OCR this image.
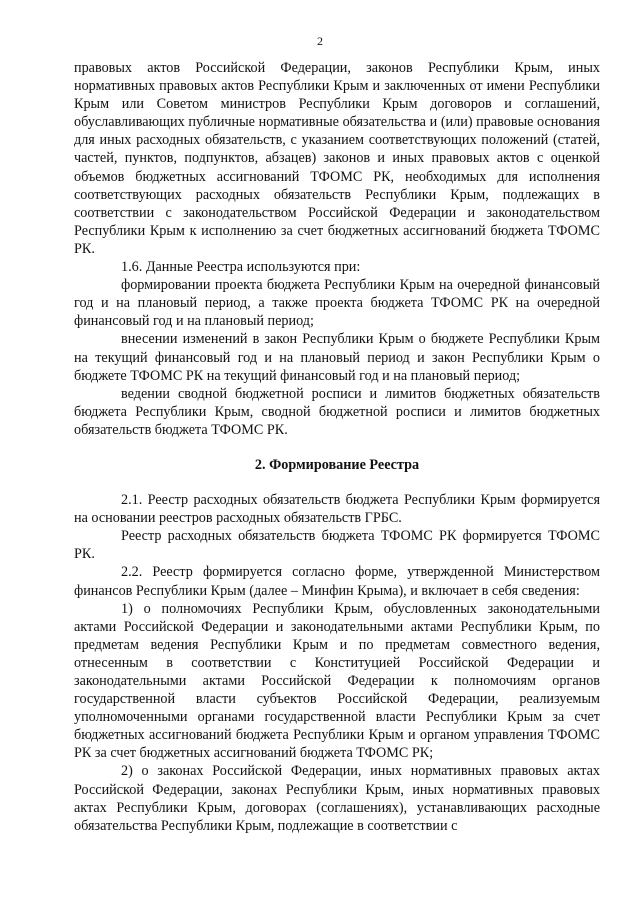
2

правовых актов Российской Федерации, законов Республики Крым, иных нормативных правовых актов Республики Крым и заключенных от имени Республики Крым или Советом министров Республики Крым договоров и соглашений, обуславливающих публичные нормативные обязательства и (или) правовые основания для иных расходных обязательств, с указанием соответствующих положений (статей, частей, пунктов, подпунктов, абзацев) законов и иных правовых актов с оценкой объемов бюджетных ассигнований ТФОМС РК, необходимых для исполнения соответствующих расходных обязательств Республики Крым, подлежащих в соответствии с законодательством Российской Федерации и законодательством Республики Крым к исполнению за счет бюджетных ассигнований бюджета ТФОМС РК.

1.6. Данные Реестра используются при:

формировании проекта бюджета Республики Крым на очередной финансовый год и на плановый период, а также проекта бюджета ТФОМС РК на очередной финансовый год и на плановый период;

внесении изменений в закон Республики Крым о бюджете Республики Крым на текущий финансовый год и на плановый период и закон Республики Крым о бюджете ТФОМС РК на текущий финансовый год и на плановый период;

ведении сводной бюджетной росписи и лимитов бюджетных обязательств бюджета Республики Крым, сводной бюджетной росписи и лимитов бюджетных обязательств бюджета ТФОМС РК.

2. Формирование Реестра

2.1. Реестр расходных обязательств бюджета Республики Крым формируется на основании реестров расходных обязательств ГРБС.

Реестр расходных обязательств бюджета ТФОМС РК формируется ТФОМС РК.

2.2. Реестр формируется согласно форме, утвержденной Министерством финансов Республики Крым (далее – Минфин Крыма), и включает в себя сведения:

1) о полномочиях Республики Крым, обусловленных законодательными актами Российской Федерации и законодательными актами Республики Крым, по предметам ведения Республики Крым и по предметам совместного ведения, отнесенным в соответствии с Конституцией Российской Федерации и законодательными актами Российской Федерации к полномочиям органов государственной власти субъектов Российской Федерации, реализуемым уполномоченными органами государственной власти Республики Крым за счет бюджетных ассигнований бюджета Республики Крым и органом управления ТФОМС РК за счет бюджетных ассигнований бюджета ТФОМС РК;

2) о законах Российской Федерации, иных нормативных правовых актах Российской Федерации, законах Республики Крым, иных нормативных правовых актах Республики Крым, договорах (соглашениях), устанавливающих расходные обязательства Республики Крым, подлежащие в соответствии с
